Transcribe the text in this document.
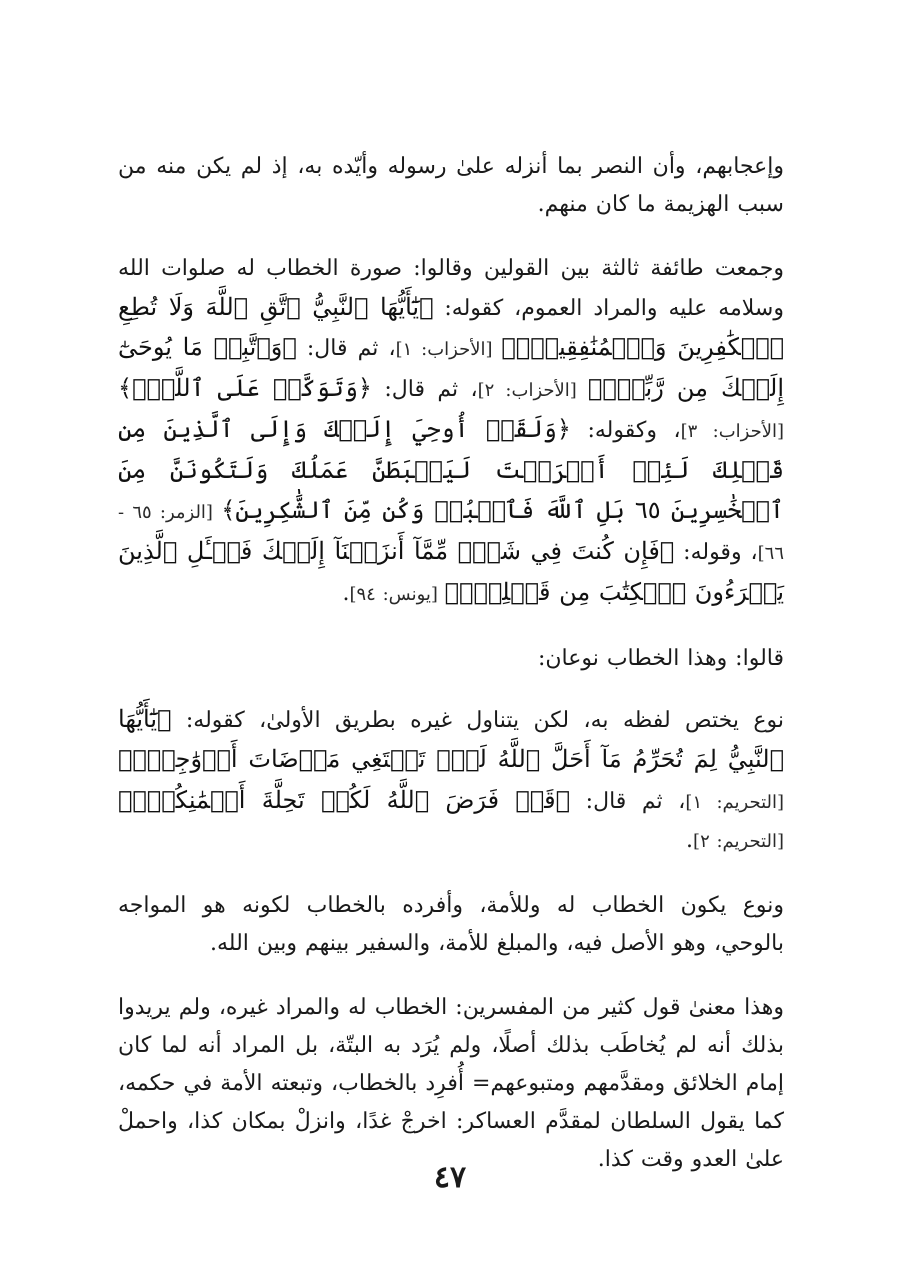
وإعجابهم، وأن النصر بما أنزله علىٰ رسوله وأيّده به، إذ لم يكن منه من سبب الهزيمة ما كان منهم.

وجمعت طائفة ثالثة بين القولين وقالوا: صورة الخطاب له صلوات الله وسلامه عليه والمراد العموم، كقوله: ﴿يَٰٓأَيُّهَا ٱلنَّبِيُّ ٱتَّقِ ٱللَّهَ وَلَا تُطِعِ ٱلۡكَٰفِرِينَ وَٱلۡمُنَٰفِقِينَۚ﴾ [الأحزاب: ١]، ثم قال: ﴿وَٱتَّبِعۡ مَا يُوحَىٰٓ إِلَيۡكَ مِن رَّبِّكَۚ﴾ [الأحزاب: ٢]، ثم قال: ﴿وَتَوَكَّلۡ عَلَى ٱللَّهِۚ﴾ [الأحزاب: ٣]، وكقوله: ﴿وَلَقَدۡ أُوحِيَ إِلَيۡكَ وَإِلَى ٱلَّذِينَ مِن قَبۡلِكَ لَئِنۡ أَشۡرَكۡتَ لَيَحۡبَطَنَّ عَمَلُكَ وَلَتَكُونَنَّ مِنَ ٱلۡخَٰسِرِينَ ٦٥ بَلِ ٱللَّهَ فَٱعۡبُدۡ وَكُن مِّنَ ٱلشَّٰكِرِينَ﴾ [الزمر: ٦٥ - ٦٦]، وقوله: ﴿فَإِن كُنتَ فِي شَكّٖ مِّمَّآ أَنزَلۡنَآ إِلَيۡكَ فَسۡـَٔلِ ٱلَّذِينَ يَقۡرَءُونَ ٱلۡكِتَٰبَ مِن قَبۡلِكَۚ﴾ [يونس: ٩٤].

قالوا: وهذا الخطاب نوعان:

نوع يختص لفظه به، لكن يتناول غيره بطريق الأولىٰ، كقوله: ﴿يَٰٓأَيُّهَا ٱلنَّبِيُّ لِمَ تُحَرِّمُ مَآ أَحَلَّ ٱللَّهُ لَكَۖ تَبۡتَغِي مَرۡضَاتَ أَزۡوَٰجِكَۚ﴾ [التحريم: ١]، ثم قال: ﴿قَدۡ فَرَضَ ٱللَّهُ لَكُمۡ تَحِلَّةَ أَيۡمَٰنِكُمۡۚ﴾ [التحريم: ٢].

ونوع يكون الخطاب له وللأمة، وأفرده بالخطاب لكونه هو المواجه بالوحي، وهو الأصل فيه، والمبلغ للأمة، والسفير بينهم وبين الله.

وهذا معنىٰ قول كثير من المفسرين: الخطاب له والمراد غيره، ولم يريدوا بذلك أنه لم يُخاطَب بذلك أصلًا، ولم يُرَد به البتّة، بل المراد أنه لما كان إمام الخلائق ومقدَّمهم ومتبوعهم= أُفرِد بالخطاب، وتبعته الأمة في حكمه، كما يقول السلطان لمقدَّم العساكر: اخرجْ غدًا، وانزلْ بمكان كذا، واحملْ علىٰ العدو وقت كذا.

٤٧
